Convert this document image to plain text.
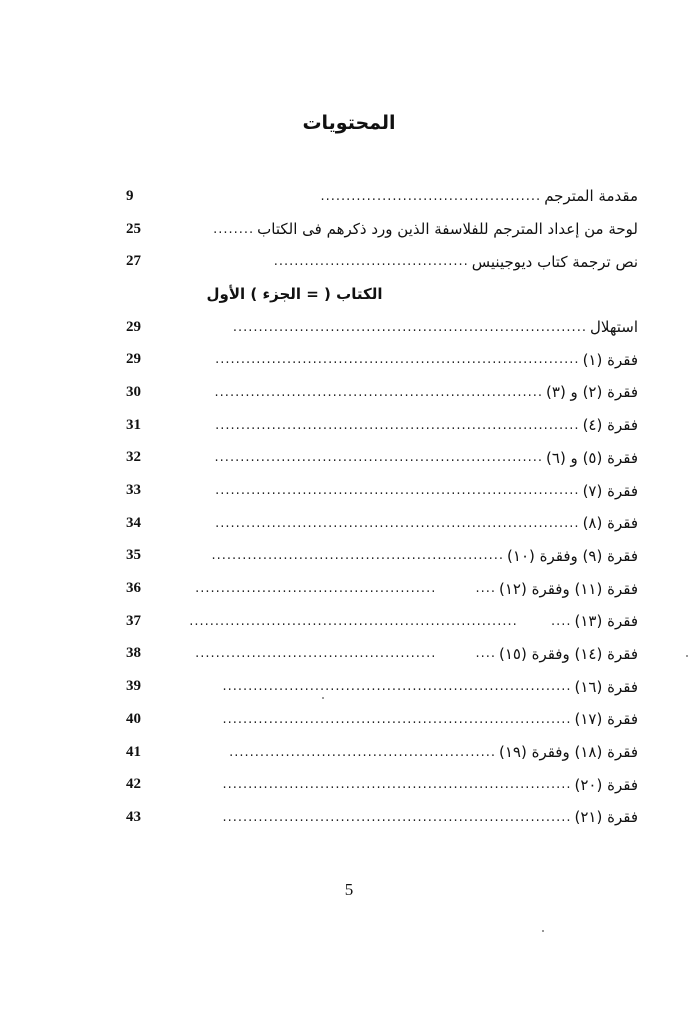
المحتويات
مقدمة المترجم
...........................................
9
لوحة من إعداد المترجم للفلاسفة الذين ورد ذكرهم فى الكتاب
........
25
نص ترجمة كتاب ديوجينيس
......................................
27
الكتاب ( = الجزء ) الأول
استهلال
.....................................................................
29
فقرة (١)
.......................................................................
29
فقرة (٢) و (٣)
................................................................
30
فقرة (٤)
.......................................................................
31
فقرة (٥) و (٦)
................................................................
32
فقرة (٧)
.......................................................................
33
فقرة (٨)
.......................................................................
34
فقرة (٩) وفقرة (١٠)
.........................................................
35
فقرة (١١) وفقرة (١٢)
....
...............................................
36
فقرة (١٣)
....
................................................................
37
فقرة (١٤) وفقرة (١٥)
....
...............................................
38
فقرة (١٦)
....................................................................
39
فقرة (١٧)
....................................................................
40
فقرة (١٨) وفقرة (١٩)
....................................................
41
فقرة (٢٠)
....................................................................
42
فقرة (٢١)
....................................................................
43
5
